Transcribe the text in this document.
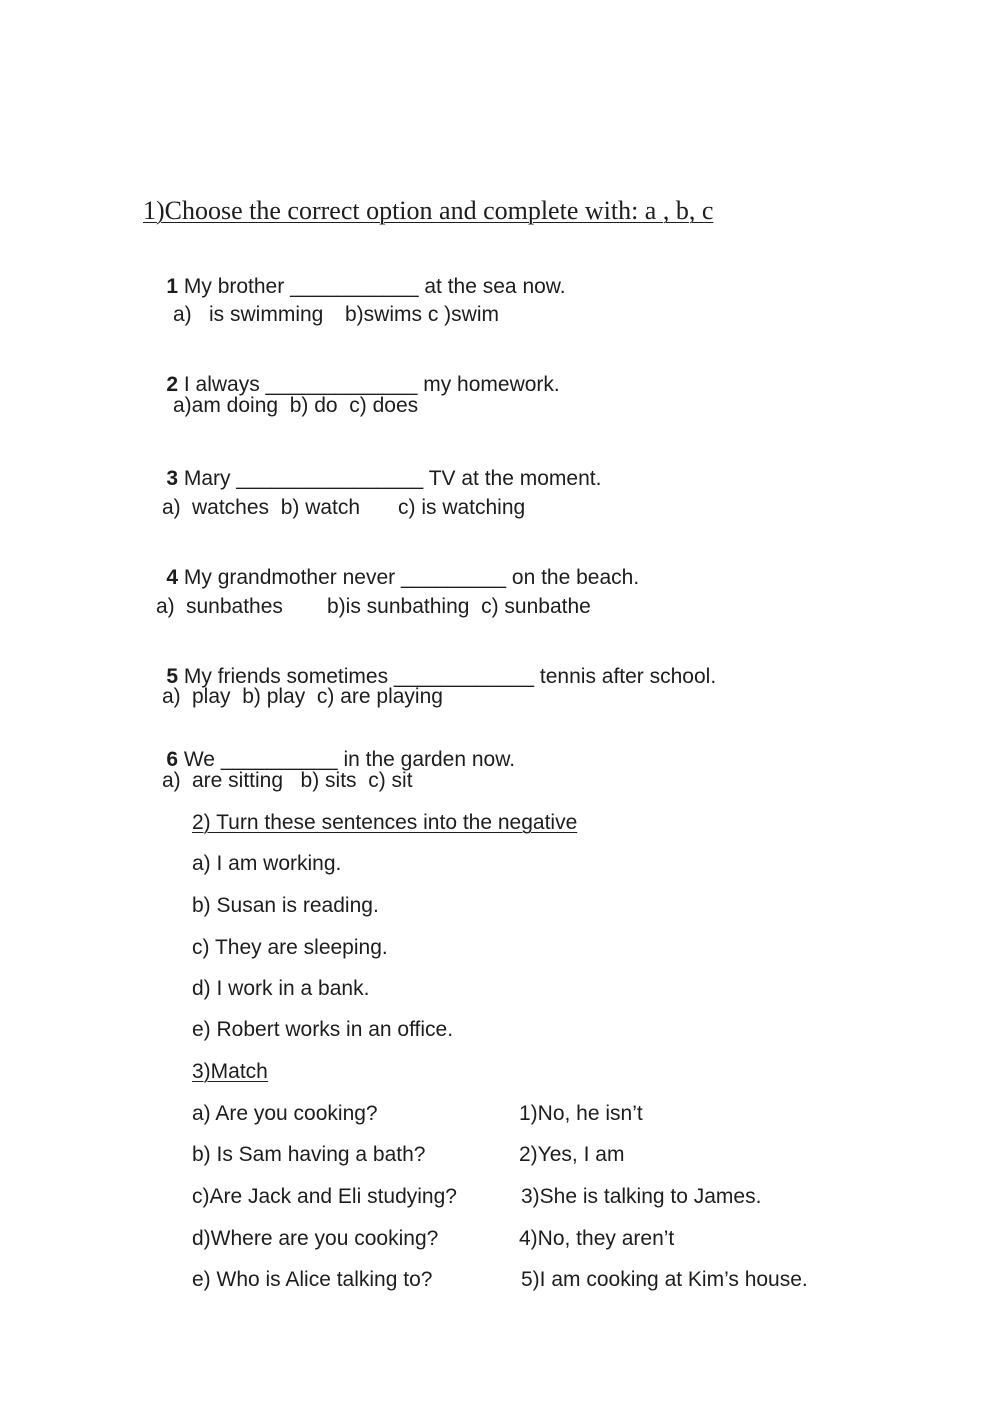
1)Choose the correct option and complete with: a , b, c

1 My brother ___________ at the sea now.

a) is swimming b)swims c )swim

2 I always _____________ my homework.

a)am doing  b) do  c) does

3 Mary ________________ TV at the moment.

a) watches  b) watch c) is watching

4 My grandmother never _________ on the beach.

a) sunbathes b)is sunbathing  c) sunbathe

5 My friends sometimes ____________ tennis after school.

a) play  b) play  c) are playing

6 We __________ in the garden now.

a) are sitting   b) sits  c) sit
2) Turn these sentences into the negative
a) I am working.
b) Susan is reading.
c) They are sleeping.
d) I work in a bank.
e) Robert works in an office.
3)Match
a) Are you cooking?	1)No, he isn’t
b) Is Sam having a bath?	2)Yes, I am
c)Are Jack and Eli studying?	3)She is talking to James.
d)Where are you cooking?	4)No, they aren’t
e) Who is Alice talking to?	5)I am cooking at Kim’s house.
